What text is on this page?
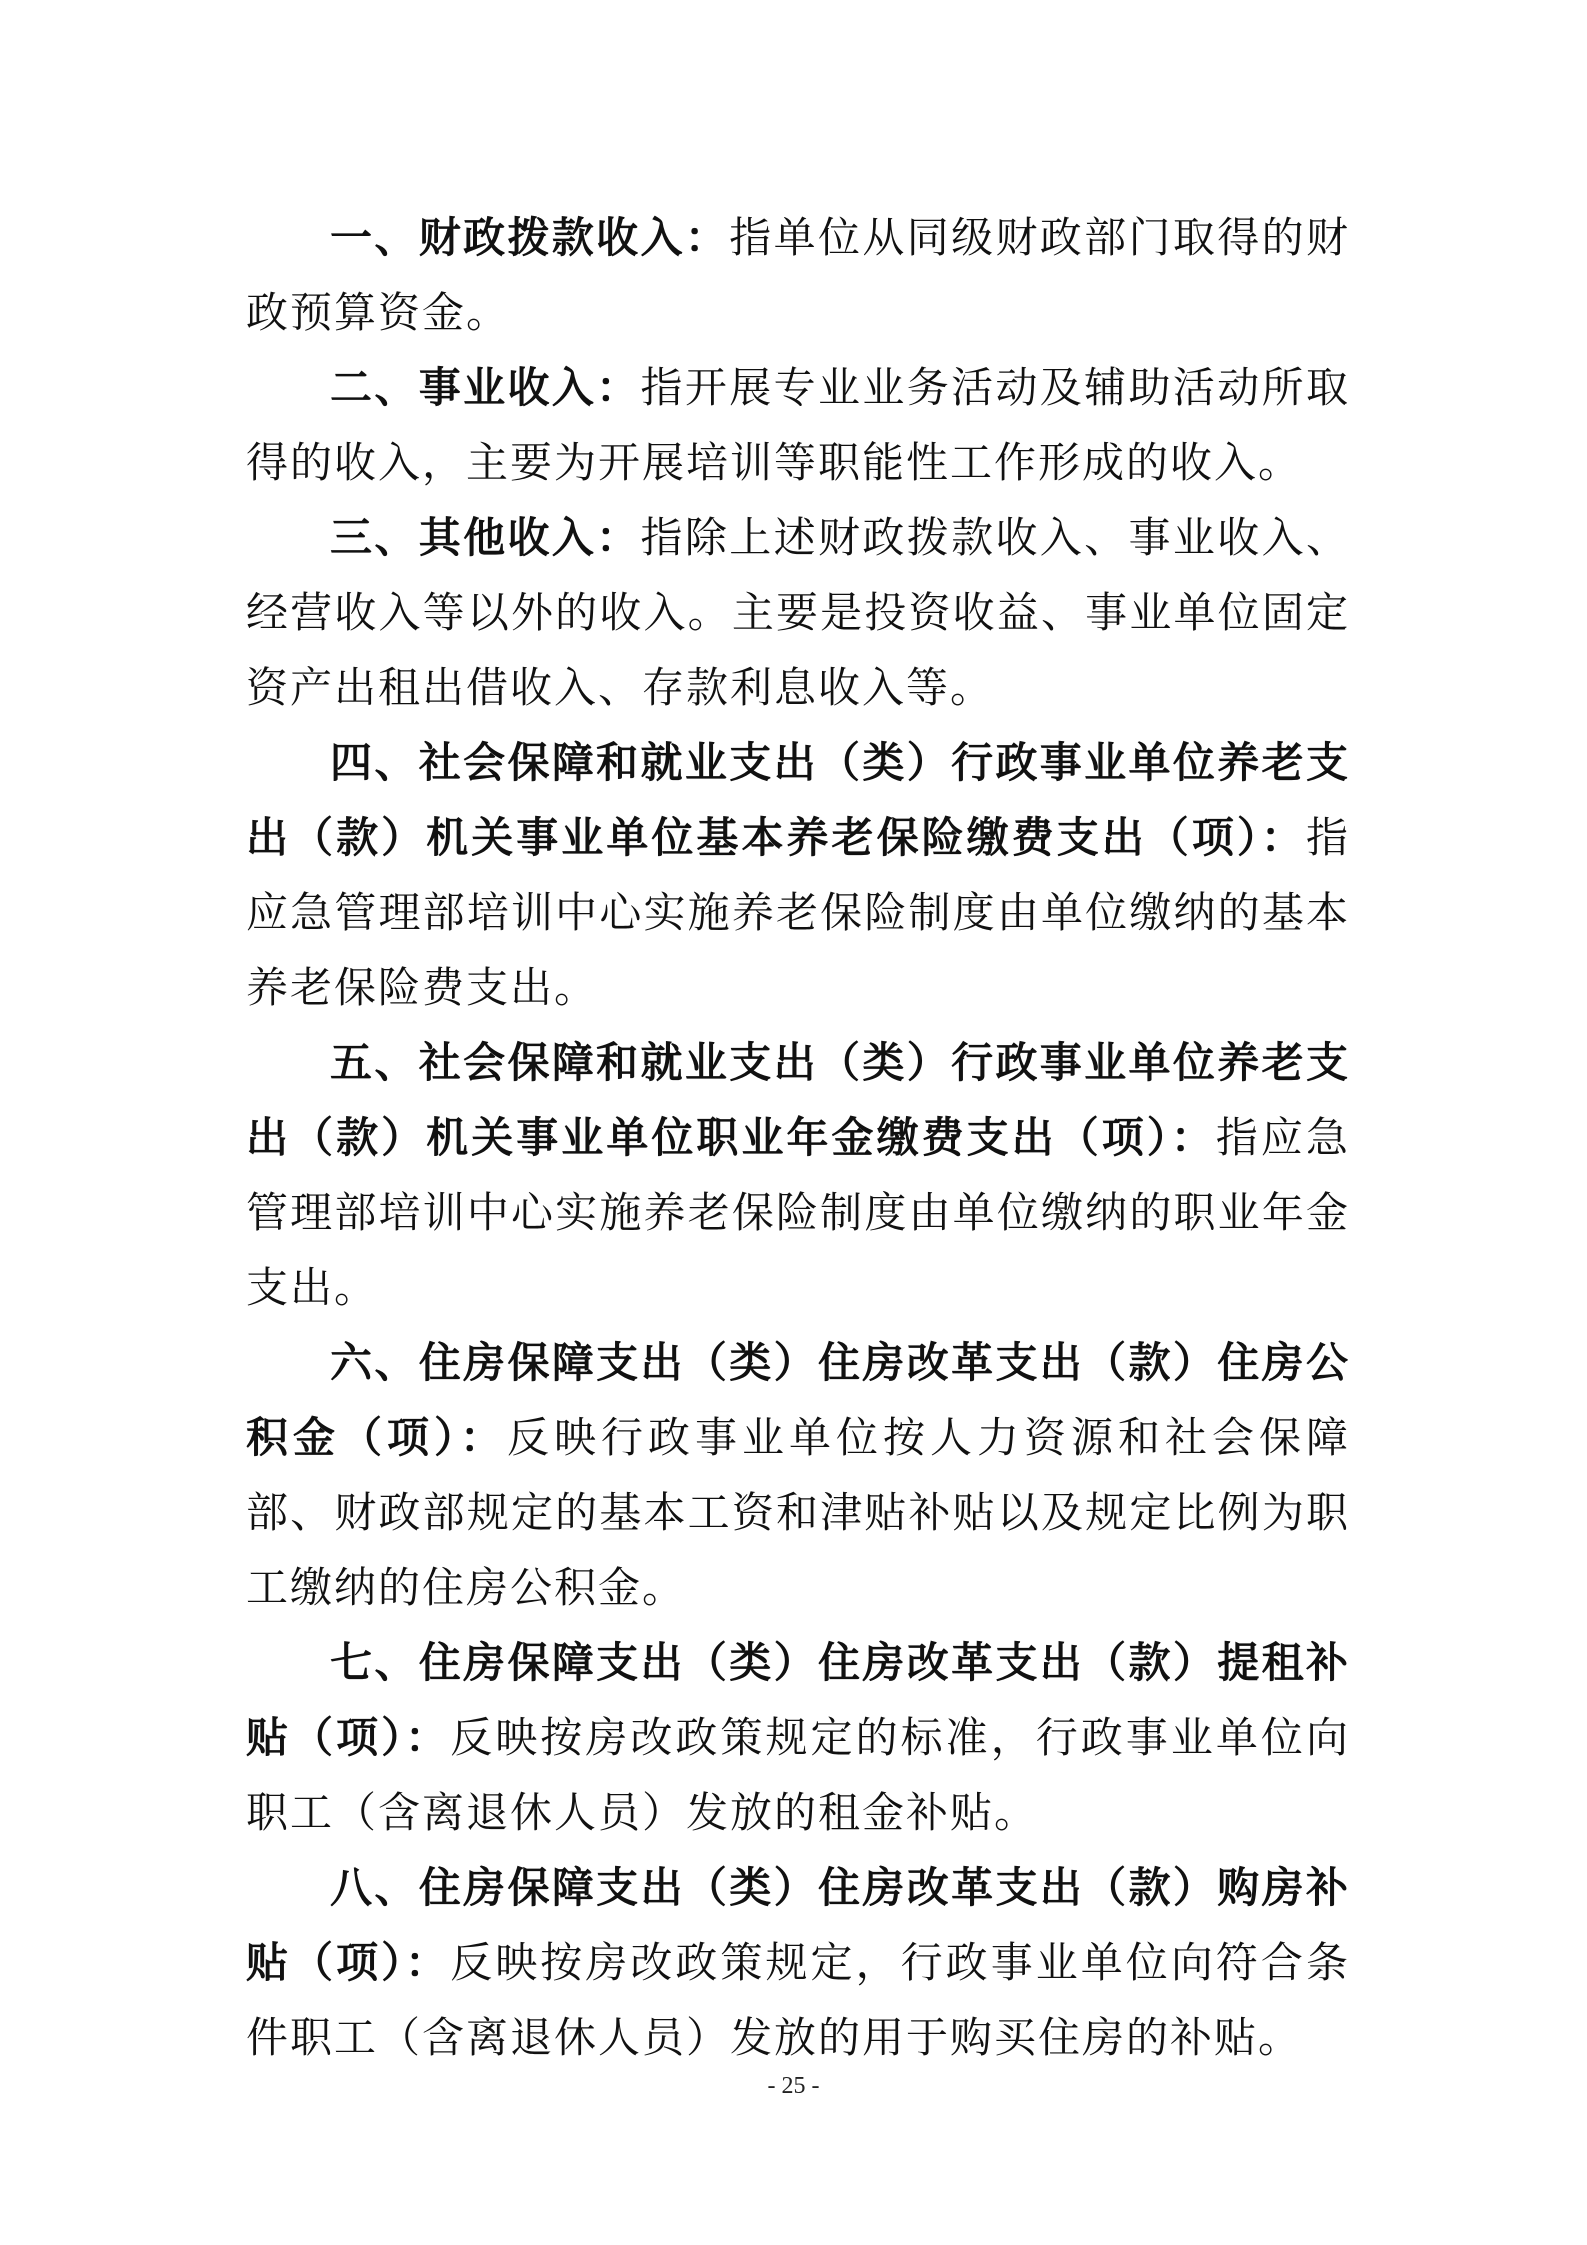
一、财政拨款收入：指单位从同级财政部门取得的财政预算资金。

二、事业收入：指开展专业业务活动及辅助活动所取得的收入，主要为开展培训等职能性工作形成的收入。

三、其他收入：指除上述财政拨款收入、事业收入、经营收入等以外的收入。主要是投资收益、事业单位固定资产出租出借收入、存款利息收入等。

四、社会保障和就业支出（类）行政事业单位养老支出（款）机关事业单位基本养老保险缴费支出（项）：指应急管理部培训中心实施养老保险制度由单位缴纳的基本养老保险费支出。

五、社会保障和就业支出（类）行政事业单位养老支出（款）机关事业单位职业年金缴费支出（项）：指应急管理部培训中心实施养老保险制度由单位缴纳的职业年金支出。

六、住房保障支出（类）住房改革支出（款）住房公积金（项）：反映行政事业单位按人力资源和社会保障部、财政部规定的基本工资和津贴补贴以及规定比例为职工缴纳的住房公积金。

七、住房保障支出（类）住房改革支出（款）提租补贴（项）：反映按房改政策规定的标准，行政事业单位向职工（含离退休人员）发放的租金补贴。

八、住房保障支出（类）住房改革支出（款）购房补贴（项）：反映按房改政策规定，行政事业单位向符合条件职工（含离退休人员）发放的用于购买住房的补贴。

- 25 -
